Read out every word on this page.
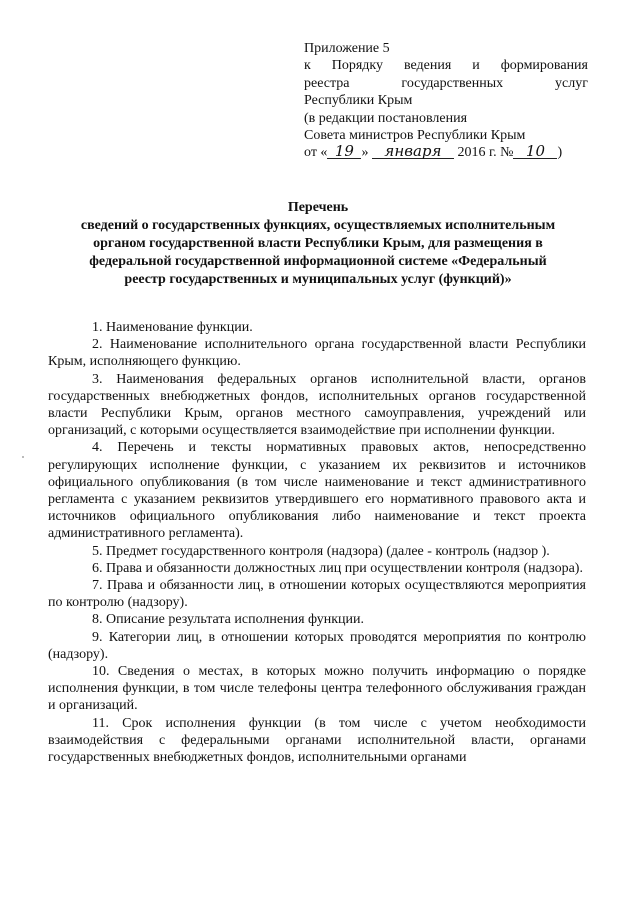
Приложение 5
к Порядку ведения и формирования
реестра государственных услуг
Республики Крым
(в редакции постановления
Совета министров Республики Крым
от « 19 » января 2016 г. № 10 )
Перечень
сведений о государственных функциях, осуществляемых исполнительным
органом государственной власти Республики Крым, для размещения в
федеральной государственной информационной системе «Федеральный
реестр государственных и муниципальных услуг (функций)»

1. Наименование функции.

2. Наименование исполнительного органа государственной власти Республики Крым, исполняющего функцию.

3. Наименования федеральных органов исполнительной власти, органов государственных внебюджетных фондов, исполнительных органов государственной власти Республики Крым, органов местного самоуправления, учреждений или организаций, с которыми осуществляется взаимодействие при исполнении функции.

4. Перечень и тексты нормативных правовых актов, непосредственно регулирующих исполнение функции, с указанием их реквизитов и источников официального опубликования (в том числе наименование и текст административного регламента с указанием реквизитов утвердившего его нормативного правового акта и источников официального опубликования либо наименование и текст проекта административного регламента).

5. Предмет государственного контроля (надзора) (далее - контроль (надзор ).

6. Права и обязанности должностных лиц при осуществлении контроля (надзора).

7. Права и обязанности лиц, в отношении которых осуществляются мероприятия по контролю (надзору).

8. Описание результата исполнения функции.

9. Категории лиц, в отношении которых проводятся мероприятия по контролю (надзору).

10. Сведения о местах, в которых можно получить информацию о порядке исполнения функции, в том числе телефоны центра телефонного обслуживания граждан и организаций.

11. Срок исполнения функции (в том числе с учетом необходимости взаимодействия с федеральными органами исполнительной власти, органами государственных внебюджетных фондов, исполнительными органами
